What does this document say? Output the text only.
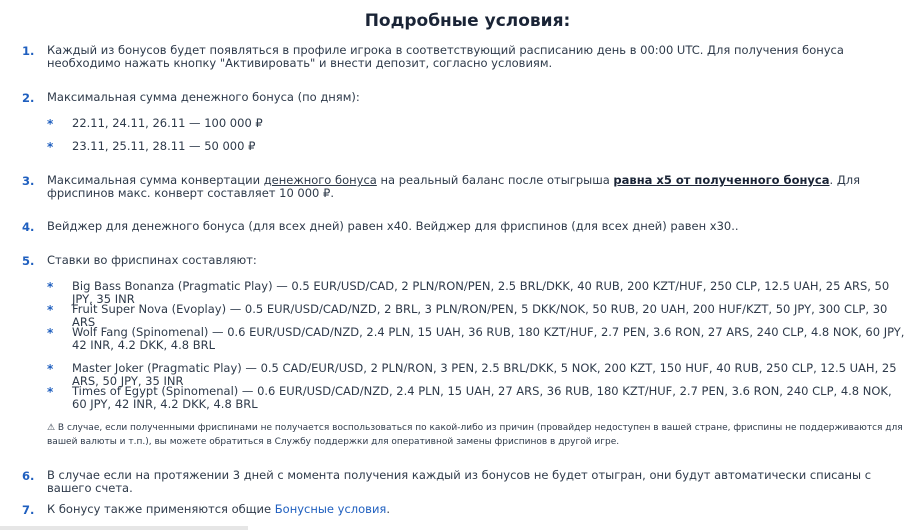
Подробные условия:
1. Каждый из бонусов будет появляться в профиле игрока в соответствующий расписанию день в 00:00 UTC. Для получения бонуса необходимо нажать кнопку "Активировать" и внести депозит, согласно условиям.
2. Максимальная сумма денежного бонуса (по дням):
* 22.11, 24.11, 26.11 — 100 000 ₽
* 23.11, 25.11, 28.11 — 50 000 ₽
3. Максимальная сумма конвертации денежного бонуса на реальный баланс после отыгрыша равна x5 от полученного бонуса. Для фриспинов макс. конверт составляет 10 000 ₽.
4. Вейджер для денежного бонуса (для всех дней) равен x40. Вейджер для фриспинов (для всех дней) равен x30..
5. Ставки во фриспинах составляют:
* Big Bass Bonanza (Pragmatic Play) — 0.5 EUR/USD/CAD, 2 PLN/RON/PEN, 2.5 BRL/DKK, 40 RUB, 200 KZT/HUF, 250 CLP, 12.5 UAH, 25 ARS, 50 JPY, 35 INR
* Fruit Super Nova (Evoplay) — 0.5 EUR/USD/CAD/NZD, 2 BRL, 3 PLN/RON/PEN, 5 DKK/NOK, 50 RUB, 20 UAH, 200 HUF/KZT, 50 JPY, 300 CLP, 30 ARS
* Wolf Fang (Spinomenal) — 0.6 EUR/USD/CAD/NZD, 2.4 PLN, 15 UAH, 36 RUB, 180 KZT/HUF, 2.7 PEN, 3.6 RON, 27 ARS, 240 CLP, 4.8 NOK, 60 JPY, 42 INR, 4.2 DKK, 4.8 BRL
* Master Joker (Pragmatic Play) — 0.5 CAD/EUR/USD, 2 PLN/RON, 3 PEN, 2.5 BRL/DKK, 5 NOK, 200 KZT, 150 HUF, 40 RUB, 250 CLP, 12.5 UAH, 25 ARS, 50 JPY, 35 INR
* Times of Egypt (Spinomenal) — 0.6 EUR/USD/CAD/NZD, 2.4 PLN, 15 UAH, 27 ARS, 36 RUB, 180 KZT/HUF, 2.7 PEN, 3.6 RON, 240 CLP, 4.8 NOK, 60 JPY, 42 INR, 4.2 DKK, 4.8 BRL
⚠ В случае, если полученными фриспинами не получается воспользоваться по какой-либо из причин (провайдер недоступен в вашей стране, фриспины не поддерживаются для вашей валюты и т.п.), вы можете обратиться в Службу поддержки для оперативной замены фриспинов в другой игре.
6. В случае если на протяжении 3 дней с момента получения каждый из бонусов не будет отыгран, они будут автоматически списаны с вашего счета.
7. К бонусу также применяются общие Бонусные условия.
